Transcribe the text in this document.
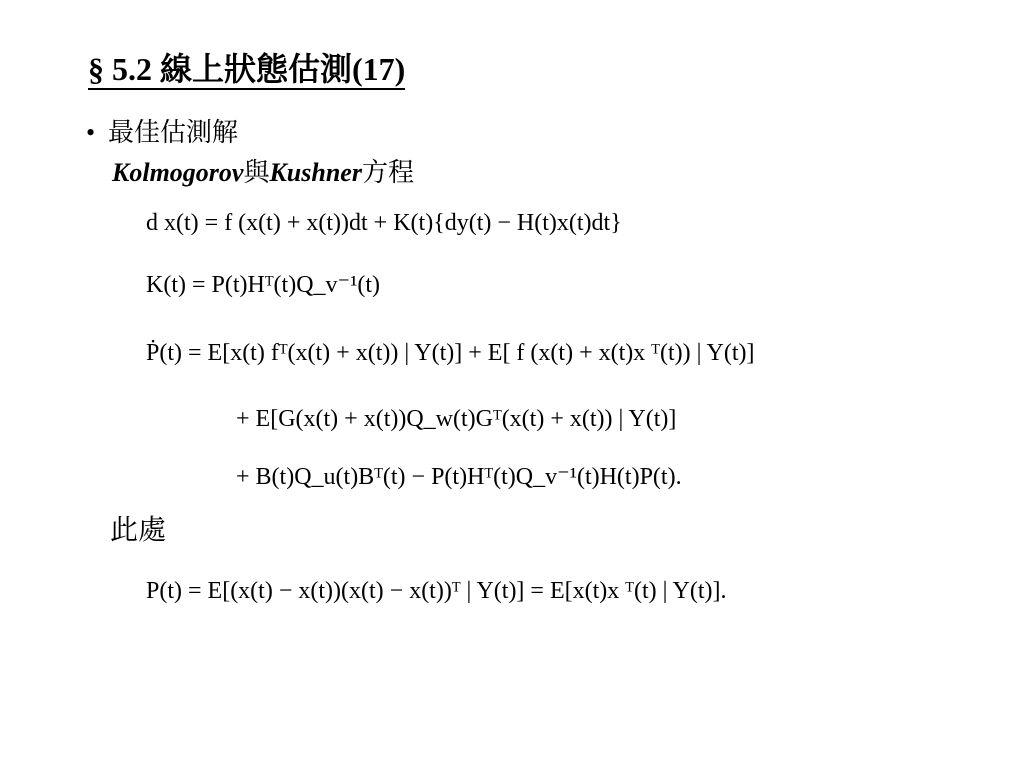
§ 5.2 線上狀態估測(17)
• 最佳估測解
Kolmogorov與Kushner方程
d x(t) = f (x(t) + x(t))dt + K(t){dy(t) − H(t)x(t)dt}
K(t) = P(t)Hᵀ(t)Q_v⁻¹(t)
Ṗ(t) = E[x(t) fᵀ(x(t) + x(t)) | Y(t)] + E[ f (x(t) + x(t)x ᵀ(t)) | Y(t)]
+ E[G(x(t) + x(t))Q_w(t)Gᵀ(x(t) + x(t)) | Y(t)]
+ B(t)Q_u(t)Bᵀ(t) − P(t)Hᵀ(t)Q_v⁻¹(t)H(t)P(t).
此處
P(t) = E[(x(t) − x(t))(x(t) − x(t))ᵀ | Y(t)] = E[x(t)x ᵀ(t) | Y(t)].
